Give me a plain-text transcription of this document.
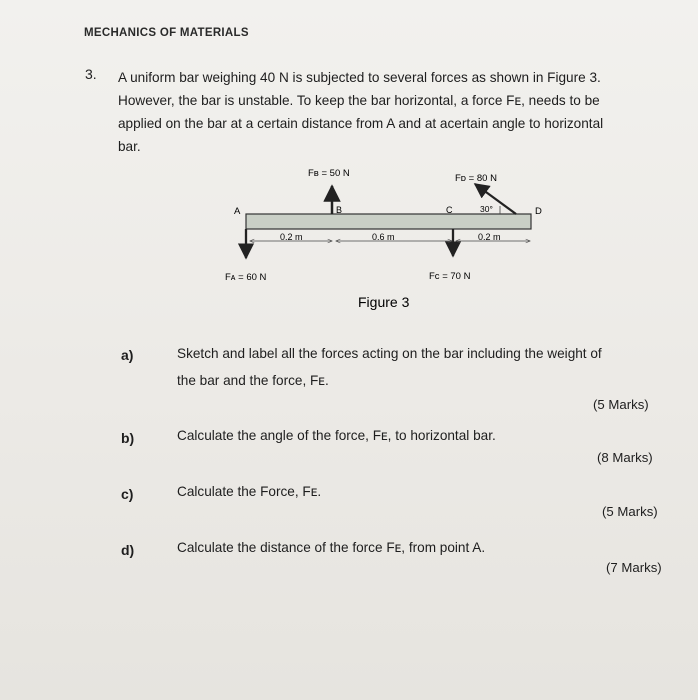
MECHANICS OF MATERIALS
3. A uniform bar weighing 40 N is subjected to several forces as shown in Figure 3.
However, the bar is unstable. To keep the bar horizontal, a force Fᴇ, needs to be
applied on the bar at a certain distance from A and at acertain angle to horizontal
bar.
A	B	C	D
Fʙ = 50 N	Fᴅ = 80 N
30°
Fᴀ = 60 N	Fᴄ = 70 N
0.2 m	0.6 m	0.2 m
Figure 3
a)	Sketch and label all the forces acting on the bar including the weight of
the bar and the force, Fᴇ.
(5 Marks)
b)	Calculate the angle of the force, Fᴇ, to horizontal bar.
(8 Marks)
c)	Calculate the Force, Fᴇ.
(5 Marks)
d)	Calculate the distance of the force Fᴇ, from point A.
(7 Marks)
